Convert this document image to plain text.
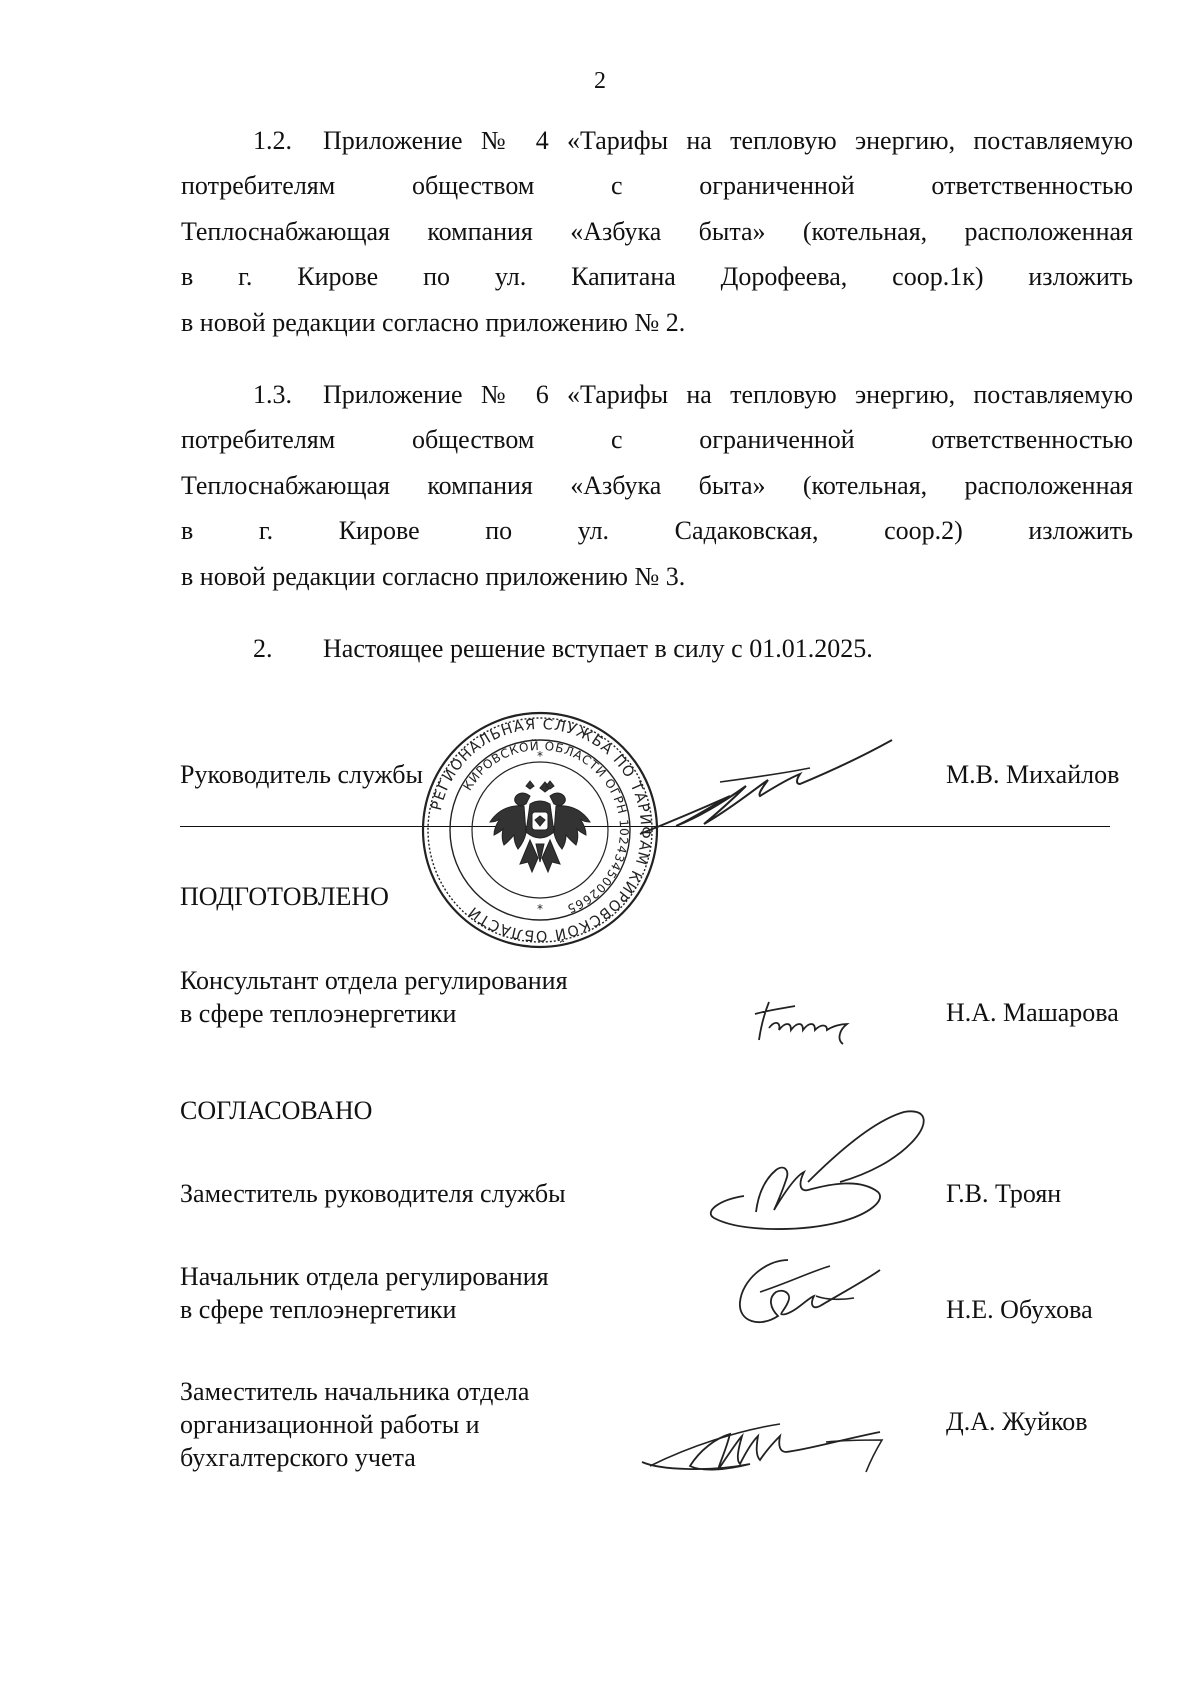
2
1.2. Приложение № 4 «Тарифы на тепловую энергию, поставляемую
потребителям обществом с ограниченной ответственностью
Теплоснабжающая компания «Азбука быта» (котельная, расположенная
в г. Кирове по ул. Капитана Дорофеева, соор.1к) изложить
в новой редакции согласно приложению № 2.
1.3. Приложение № 6 «Тарифы на тепловую энергию, поставляемую
потребителям обществом с ограниченной ответственностью
Теплоснабжающая компания «Азбука быта» (котельная, расположенная
в г. Кирове по ул. Садаковская, соор.2) изложить
в новой редакции согласно приложению № 3.
2. Настоящее решение вступает в силу с 01.01.2025.
Руководитель службы	М.В. Михайлов
РЕГИОНАЛЬНАЯ СЛУЖБА ПО ТАРИФАМ КИРОВСКОЙ ОБЛАСТИ
КИРОВСКОЙ ОБЛАСТИ ОГРН 1024345002665
*
*
ПОДГОТОВЛЕНО
Консультант отдела регулирования
в сфере теплоэнергетики	Н.А. Машарова
СОГЛАСОВАНО
Заместитель руководителя службы	Г.В. Троян
Начальник отдела регулирования
в сфере теплоэнергетики	Н.Е. Обухова
Заместитель начальника отдела
организационной работы и
бухгалтерского учета
Д.А. Жуйков
